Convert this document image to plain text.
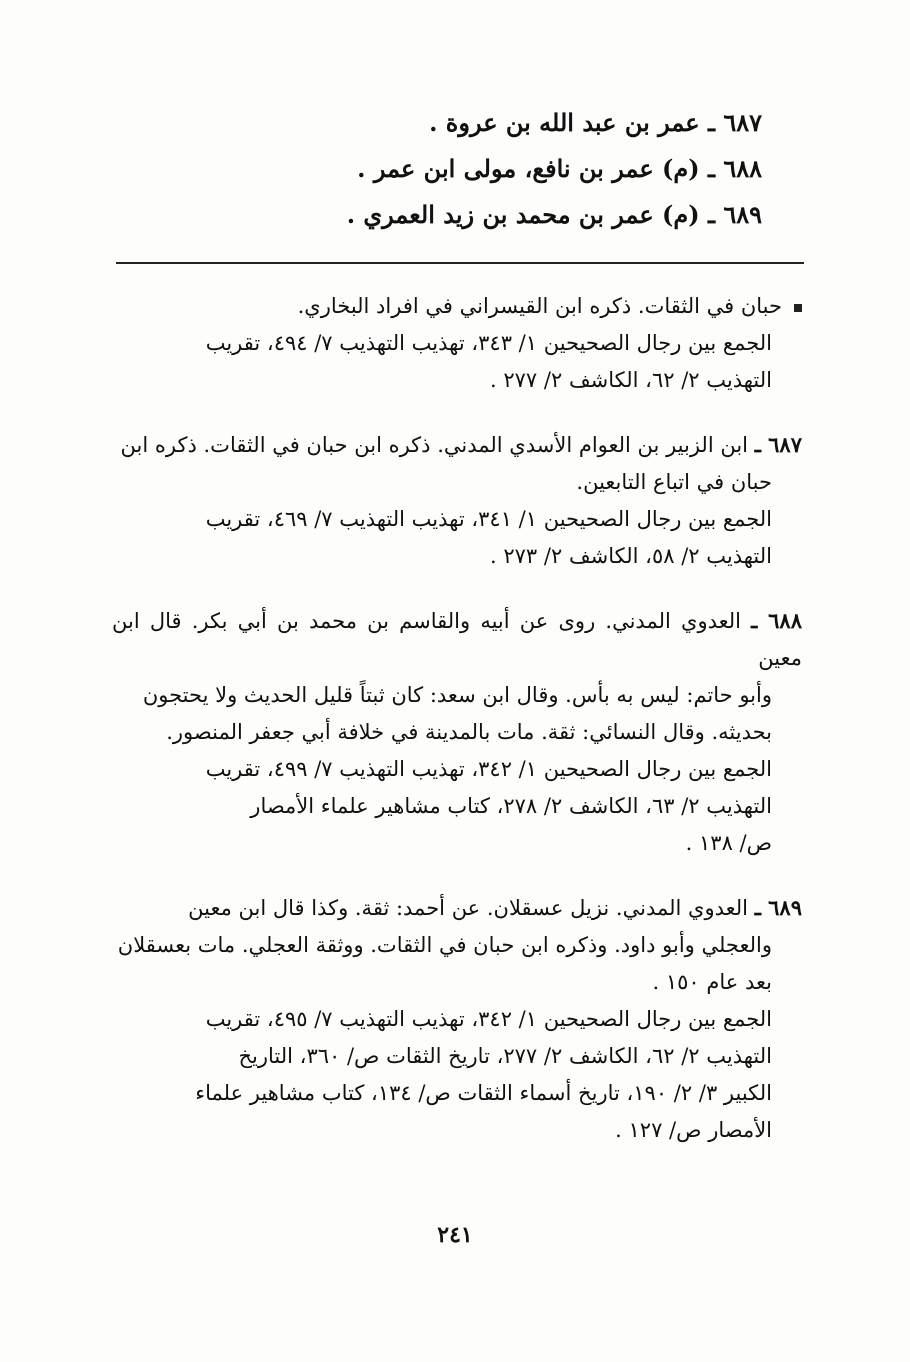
٦٨٧ ـ عمر بن عبد الله بن عروة .
٦٨٨ ـ (م) عمر بن نافع، مولى ابن عمر .
٦٨٩ ـ (م) عمر بن محمد بن زيد العمري .
حبان في الثقات. ذكره ابن القيسراني في افراد البخاري.
الجمع بين رجال الصحيحين ١/ ٣٤٣، تهذيب التهذيب ٧/ ٤٩٤، تقريب
التهذيب ٢/ ٦٢، الكاشف ٢/ ٢٧٧ .
٦٨٧ ـ ابن الزبير بن العوام الأسدي المدني. ذكره ابن حبان في الثقات. ذكره ابن
حبان في اتباع التابعين.
الجمع بين رجال الصحيحين ١/ ٣٤١، تهذيب التهذيب ٧/ ٤٦٩، تقريب
التهذيب ٢/ ٥٨، الكاشف ٢/ ٢٧٣ .
٦٨٨ ـ العدوي المدني. روى عن أبيه والقاسم بن محمد بن أبي بكر. قال ابن معين
وأبو حاتم: ليس به بأس. وقال ابن سعد: كان ثبتاً قليل الحديث ولا يحتجون
بحديثه. وقال النسائي: ثقة. مات بالمدينة في خلافة أبي جعفر المنصور.
الجمع بين رجال الصحيحين ١/ ٣٤٢، تهذيب التهذيب ٧/ ٤٩٩، تقريب
التهذيب ٢/ ٦٣، الكاشف ٢/ ٢٧٨، كتاب مشاهير علماء الأمصار
ص/ ١٣٨ .
٦٨٩ ـ العدوي المدني. نزيل عسقلان. عن أحمد: ثقة. وكذا قال ابن معين
والعجلي وأبو داود. وذكره ابن حبان في الثقات. ووثقة العجلي. مات بعسقلان
بعد عام ١٥٠ .
الجمع بين رجال الصحيحين ١/ ٣٤٢، تهذيب التهذيب ٧/ ٤٩٥، تقريب
التهذيب ٢/ ٦٢، الكاشف ٢/ ٢٧٧، تاريخ الثقات ص/ ٣٦٠، التاريخ
الكبير ٣/ ٢/ ١٩٠، تاريخ أسماء الثقات ص/ ١٣٤، كتاب مشاهير علماء
الأمصار ص/ ١٢٧ .
٢٤١
